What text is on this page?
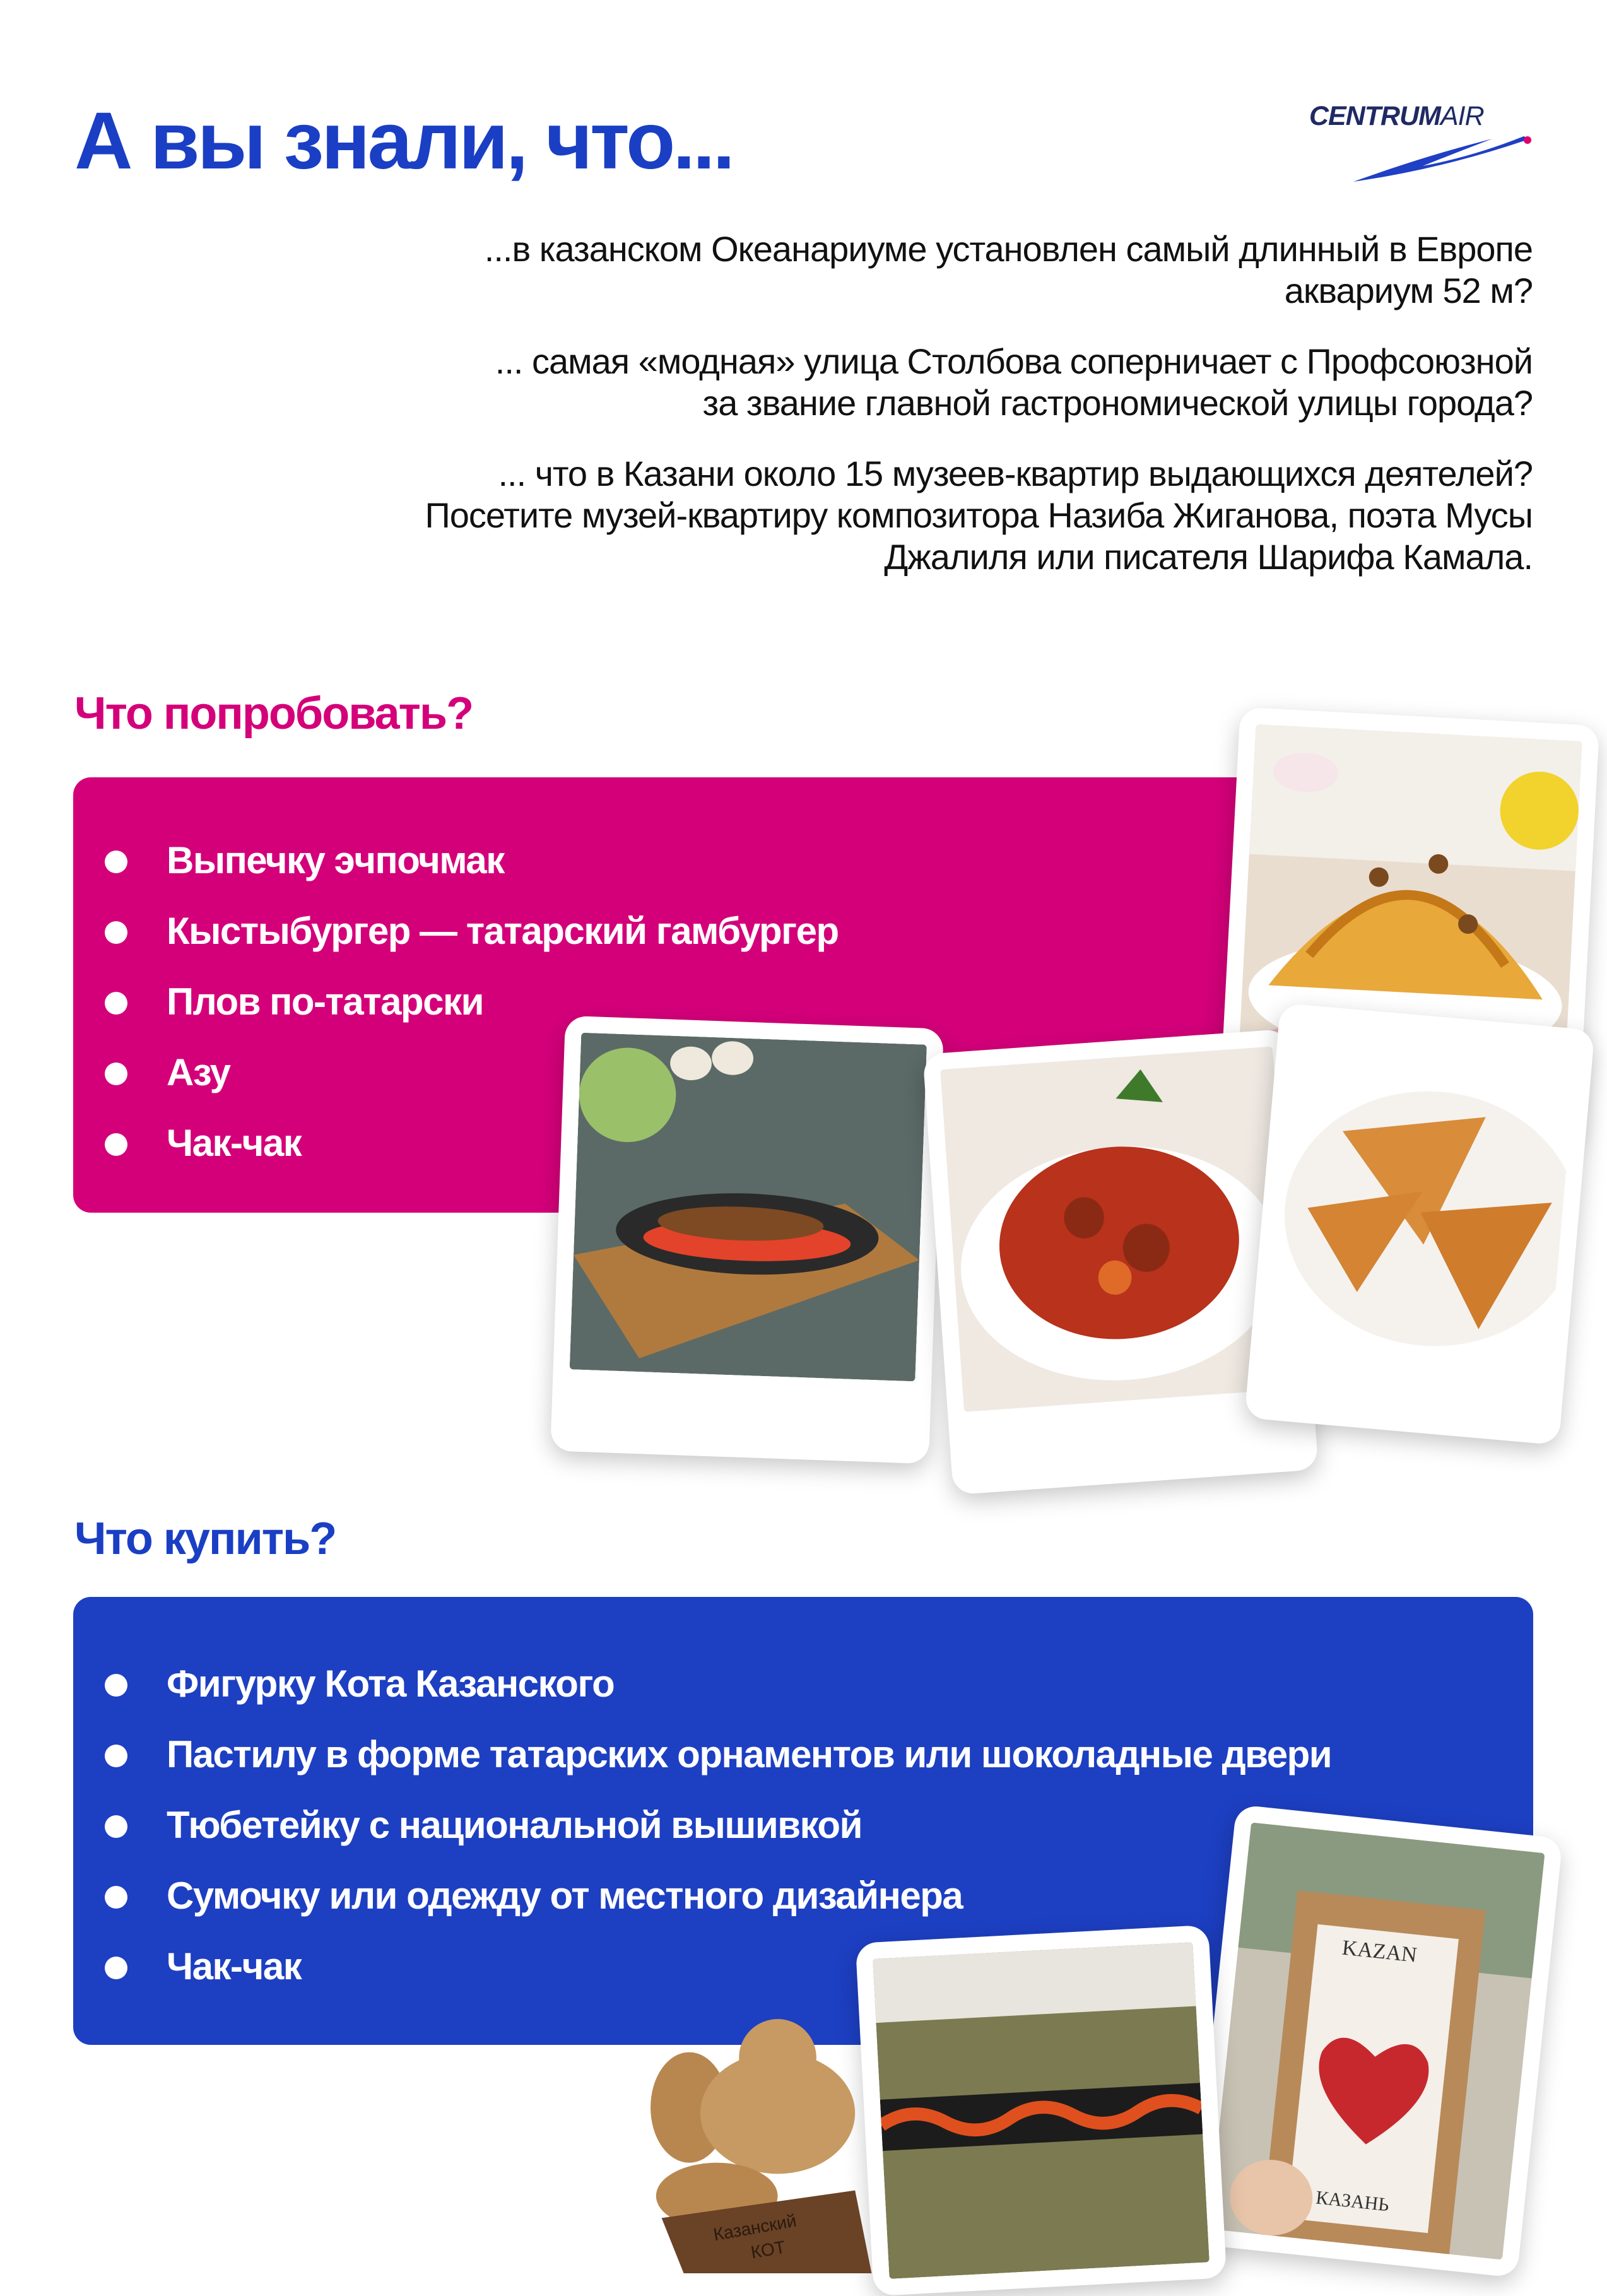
А вы знали, что...	CENTRUMAIR

...в казанском Океанариуме установлен самый длинный в Европе
аквариум 52 м?

... самая «модная» улица Столбова соперничает с Профсоюзной
за звание главной гастрономической улицы города?

... что в Казани около 15 музеев-квартир выдающихся деятелей?
Посетите музей-квартиру композитора Назиба Жиганова, поэта Мусы
Джалиля или писателя Шарифа Камала.

Что попробовать?
Выпечку эчпочмак
Кыстыбургер — татарский гамбургер
Плов по-татарски
Азу
Чак-чак
Что купить?
Фигурку Кота Казанского
Пастилу в форме татарских орнаментов или шоколадные двери
Тюбетейку с национальной вышивкой
Сумочку или одежду от местного дизайнера
Чак-чак	KAZAN
КАЗАНЬ
Казанский
КОТ
